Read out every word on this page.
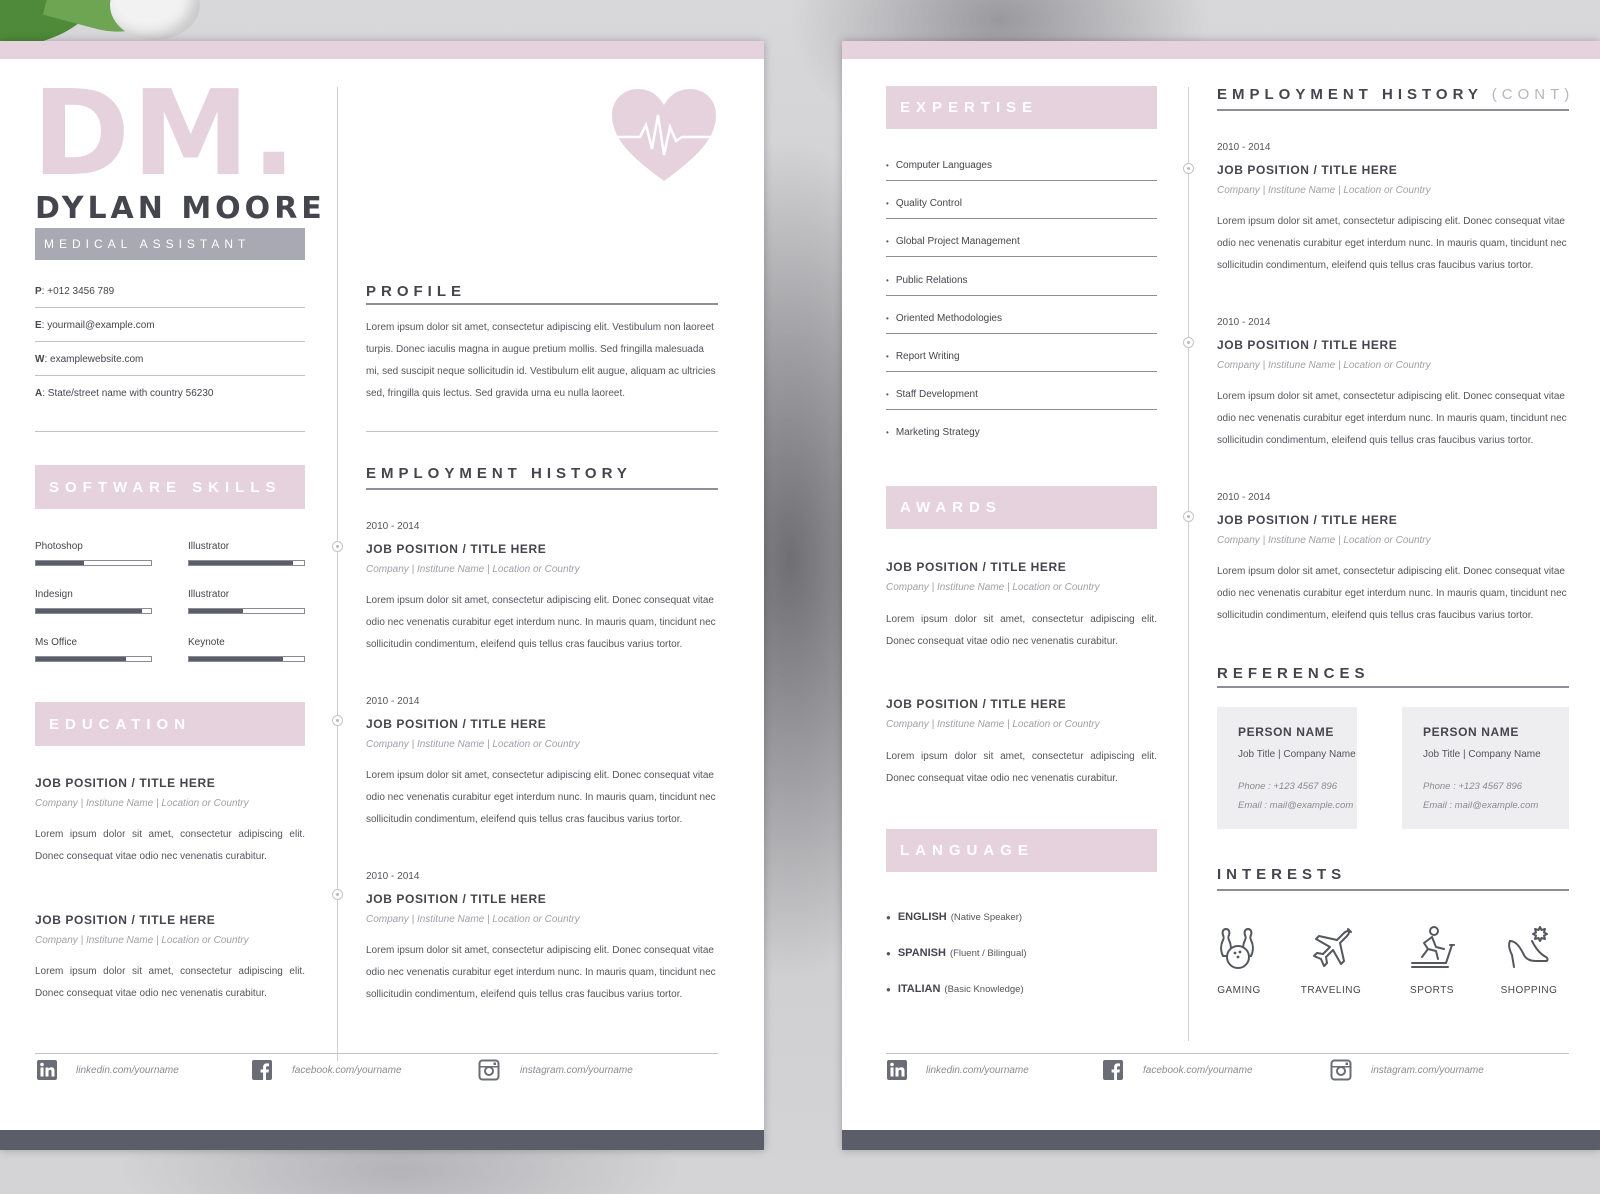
DM.
DYLAN MOORE
MEDICAL ASSISTANT
P: +012 3456 789
E: yourmail@example.com
W: examplewebsite.com
A: State/street name with country 56230
SOFTWARE SKILLS
Photoshop	Illustrator
Indesign	Illustrator
Ms Office	Keynote
EDUCATION
JOB POSITION / TITLE HERE
Company | Institune Name | Location or Country
Lorem ipsum dolor sit amet, consectetur adipiscing elit. Donec consequat vitae odio nec venenatis curabitur.
JOB POSITION / TITLE HERE
Company | Institune Name | Location or Country
Lorem ipsum dolor sit amet, consectetur adipiscing elit. Donec consequat vitae odio nec venenatis curabitur.
PROFILE
Lorem ipsum dolor sit amet, consectetur adipiscing elit. Vestibulum non laoreet turpis. Donec iaculis magna in augue pretium mollis. Sed fringilla malesuada mi, sed suscipit neque sollicitudin id. Vestibulum elit augue, aliquam ac ultricies sed, fringilla quis lectus. Sed gravida urna eu nulla laoreet.
EMPLOYMENT HISTORY
2010 - 2014
JOB POSITION / TITLE HERE
Company | Institune Name | Location or Country
Lorem ipsum dolor sit amet, consectetur adipiscing elit. Donec consequat vitae odio nec venenatis curabitur eget interdum nunc. In mauris quam, tincidunt nec sollicitudin condimentum, eleifend quis tellus cras faucibus varius tortor.
2010 - 2014
JOB POSITION / TITLE HERE
Company | Institune Name | Location or Country
Lorem ipsum dolor sit amet, consectetur adipiscing elit. Donec consequat vitae odio nec venenatis curabitur eget interdum nunc. In mauris quam, tincidunt nec sollicitudin condimentum, eleifend quis tellus cras faucibus varius tortor.
2010 - 2014
JOB POSITION / TITLE HERE
Company | Institune Name | Location or Country
Lorem ipsum dolor sit amet, consectetur adipiscing elit. Donec consequat vitae odio nec venenatis curabitur eget interdum nunc. In mauris quam, tincidunt nec sollicitudin condimentum, eleifend quis tellus cras faucibus varius tortor.
linkedin.com/yourname	facebook.com/yourname	instagram.com/yourname
EXPERTISE
• Computer Languages
• Quality Control
• Global Project Management
• Public Relations
• Oriented Methodologies
• Report Writing
• Staff Development
• Marketing Strategy
AWARDS
JOB POSITION / TITLE HERE
Company | Institune Name | Location or Country
Lorem ipsum dolor sit amet, consectetur adipiscing elit. Donec consequat vitae odio nec venenatis curabitur.
JOB POSITION / TITLE HERE
Company | Institune Name | Location or Country
Lorem ipsum dolor sit amet, consectetur adipiscing elit. Donec consequat vitae odio nec venenatis curabitur.
LANGUAGE
● ENGLISH (Native Speaker)
● SPANISH (Fluent / Bilingual)
● ITALIAN (Basic Knowledge)
EMPLOYMENT HISTORY (CONT)
2010 - 2014
JOB POSITION / TITLE HERE
Company | Institune Name | Location or Country
Lorem ipsum dolor sit amet, consectetur adipiscing elit. Donec consequat vitae odio nec venenatis curabitur eget interdum nunc. In mauris quam, tincidunt nec sollicitudin condimentum, eleifend quis tellus cras faucibus varius tortor.
2010 - 2014
JOB POSITION / TITLE HERE
Company | Institune Name | Location or Country
Lorem ipsum dolor sit amet, consectetur adipiscing elit. Donec consequat vitae odio nec venenatis curabitur eget interdum nunc. In mauris quam, tincidunt nec sollicitudin condimentum, eleifend quis tellus cras faucibus varius tortor.
2010 - 2014
JOB POSITION / TITLE HERE
Company | Institune Name | Location or Country
Lorem ipsum dolor sit amet, consectetur adipiscing elit. Donec consequat vitae odio nec venenatis curabitur eget interdum nunc. In mauris quam, tincidunt nec sollicitudin condimentum, eleifend quis tellus cras faucibus varius tortor.
REFERENCES
PERSON NAME
Job Title | Company Name
Phone : +123 4567 896
Email : mail@example.com
PERSON NAME
Job Title | Company Name
Phone : +123 4567 896
Email : mail@example.com
INTERESTS
GAMING	TRAVELING	SPORTS	SHOPPING
linkedin.com/yourname	facebook.com/yourname	instagram.com/yourname
